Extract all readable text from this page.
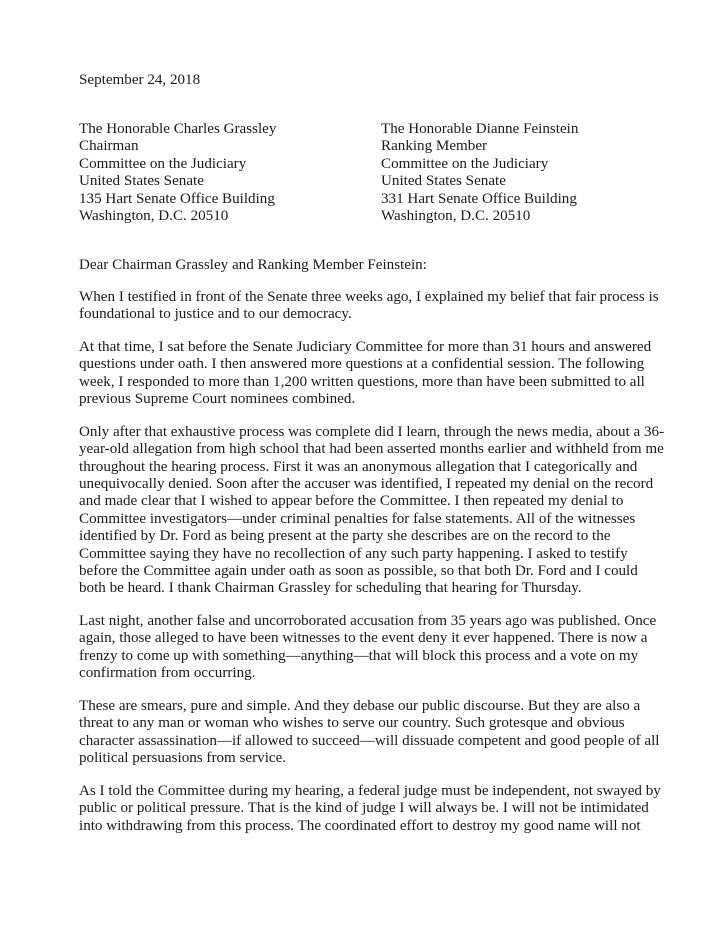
September 24, 2018
The Honorable Charles Grassley
Chairman
Committee on the Judiciary
United States Senate
135 Hart Senate Office Building
Washington, D.C. 20510
The Honorable Dianne Feinstein
Ranking Member
Committee on the Judiciary
United States Senate
331 Hart Senate Office Building
Washington, D.C. 20510
Dear Chairman Grassley and Ranking Member Feinstein:

When I testified in front of the Senate three weeks ago, I explained my belief that fair process is
foundational to justice and to our democracy.

At that time, I sat before the Senate Judiciary Committee for more than 31 hours and answered
questions under oath. I then answered more questions at a confidential session. The following
week, I responded to more than 1,200 written questions, more than have been submitted to all
previous Supreme Court nominees combined.

Only after that exhaustive process was complete did I learn, through the news media, about a 36-
year-old allegation from high school that had been asserted months earlier and withheld from me
throughout the hearing process. First it was an anonymous allegation that I categorically and
unequivocally denied. Soon after the accuser was identified, I repeated my denial on the record
and made clear that I wished to appear before the Committee. I then repeated my denial to
Committee investigators—under criminal penalties for false statements. All of the witnesses
identified by Dr. Ford as being present at the party she describes are on the record to the
Committee saying they have no recollection of any such party happening. I asked to testify
before the Committee again under oath as soon as possible, so that both Dr. Ford and I could
both be heard. I thank Chairman Grassley for scheduling that hearing for Thursday.

Last night, another false and uncorroborated accusation from 35 years ago was published. Once
again, those alleged to have been witnesses to the event deny it ever happened. There is now a
frenzy to come up with something—anything—that will block this process and a vote on my
confirmation from occurring.

These are smears, pure and simple. And they debase our public discourse. But they are also a
threat to any man or woman who wishes to serve our country. Such grotesque and obvious
character assassination—if allowed to succeed—will dissuade competent and good people of all
political persuasions from service.

As I told the Committee during my hearing, a federal judge must be independent, not swayed by
public or political pressure. That is the kind of judge I will always be. I will not be intimidated
into withdrawing from this process. The coordinated effort to destroy my good name will not
